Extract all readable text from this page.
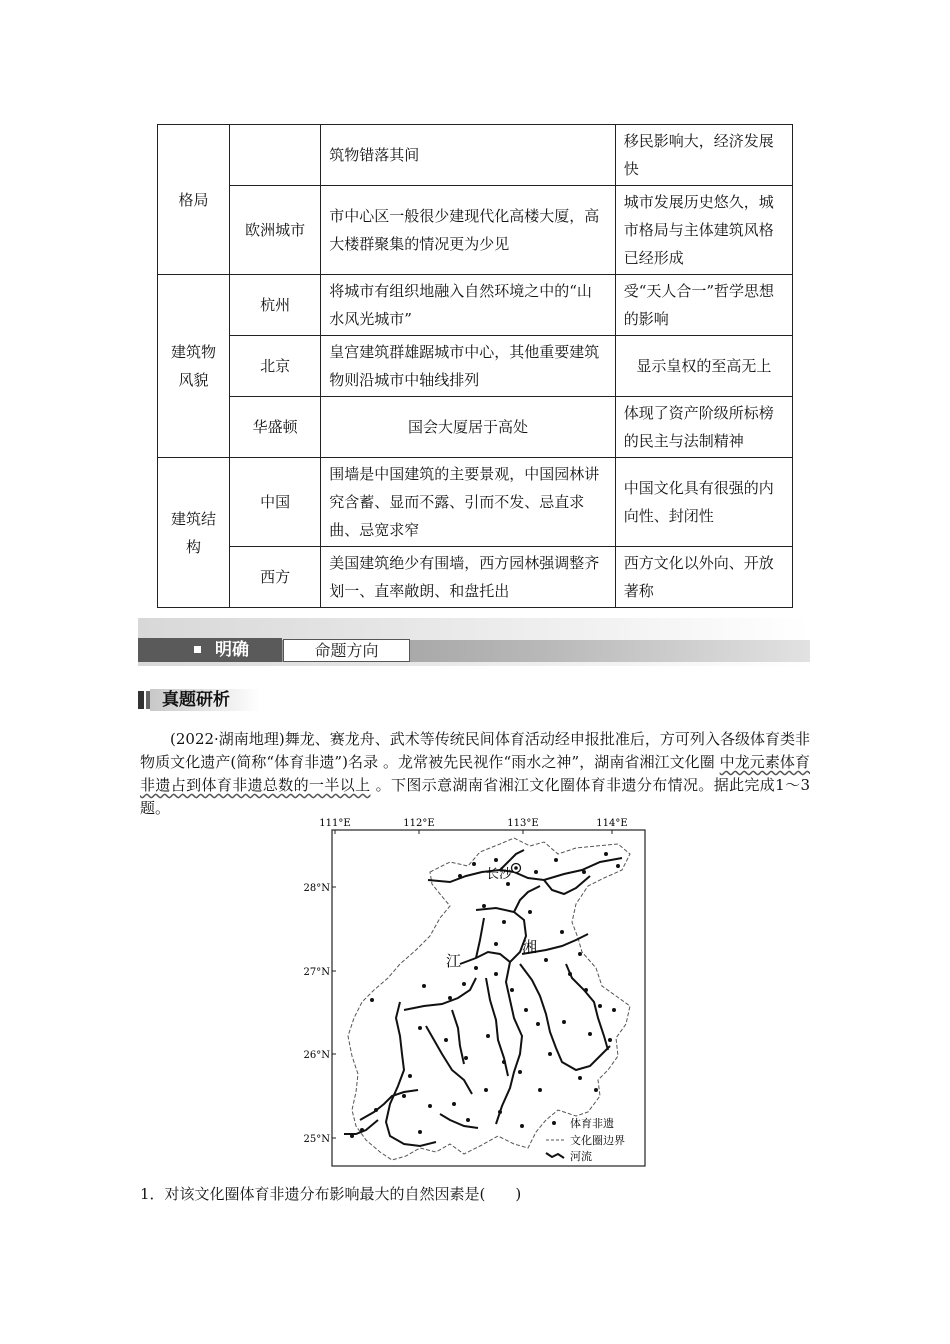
格局		筑物错落其间	移民影响大，经济发展快
	欧洲城市	市中心区一般很少建现代化高楼大厦，高大楼群聚集的情况更为少见	城市发展历史悠久，城市格局与主体建筑风格已经形成
建筑物风貌	杭州	将城市有组织地融入自然环境之中的“山水风光城市”	受“天人合一”哲学思想的影响
	北京	皇宫建筑群雄踞城市中心，其他重要建筑物则沿城市中轴线排列	显示皇权的至高无上
	华盛顿	国会大厦居于高处	体现了资产阶级所标榜的民主与法制精神
建筑结构	中国	围墙是中国建筑的主要景观，中国园林讲究含蓄、显而不露、引而不发、忌直求曲、忌宽求窄	中国文化具有很强的内向性、封闭性
	西方	美国建筑绝少有围墙，西方园林强调整齐划一、直率敞朗、和盘托出	西方文化以外向、开放著称
明确	命题方向
真题研析
(2022·湖南地理)舞龙、赛龙舟、武术等传统民间体育活动经申报批准后，方可列入各级体育类非物质文化遗产(简称“体育非遗”)名录 。龙常被先民视作“雨水之神”，湖南省湘江文化圈 中龙元素体育非遗占到体育非遗总数的一半以上 。下图示意湖南省湘江文化圈体育非遗分布情况。据此完成1～3题。
111°E	112°E	113°E	114°E
28°N
27°N
26°N
25°N
长沙
湘
江
体育非遗
文化圈边界
河流
1．对该文化圈体育非遗分布影响最大的自然因素是(　　)
